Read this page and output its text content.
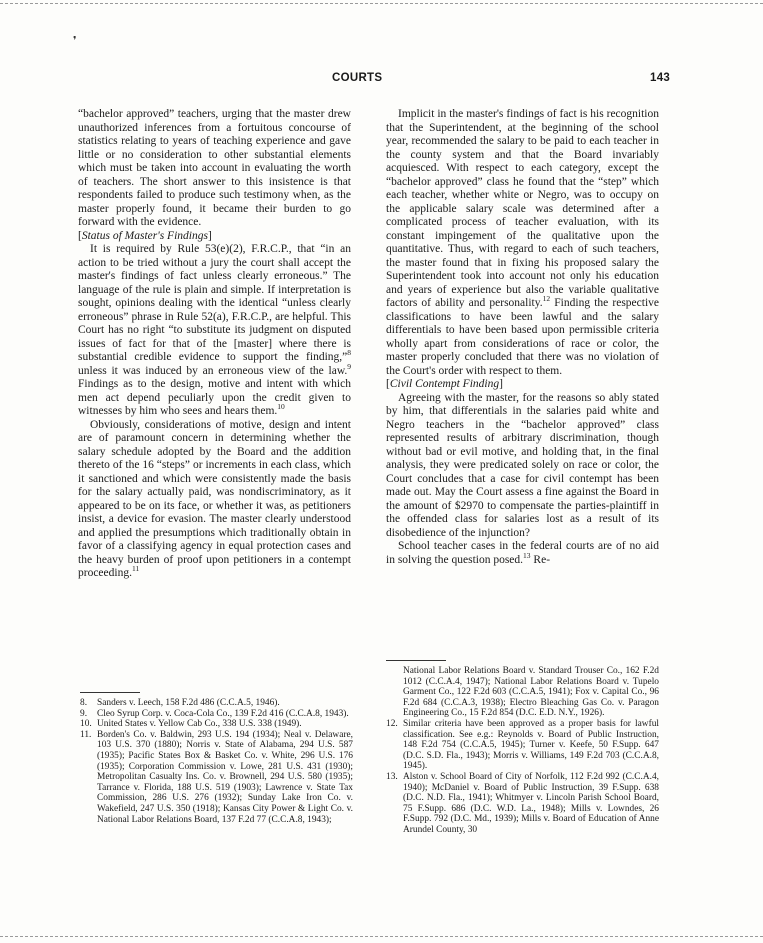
❜
COURTS	143

“bachelor approved” teachers, urging that the master drew unauthorized inferences from a fortuitous concourse of statistics relating to years of teaching experience and gave little or no consideration to other substantial elements which must be taken into account in evaluating the worth of teachers. The short answer to this insistence is that respondents failed to produce such testimony when, as the master properly found, it became their burden to go forward with the evidence.

[Status of Master's Findings]

It is required by Rule 53(e)(2), F.R.C.P., that “in an action to be tried without a jury the court shall accept the master's findings of fact unless clearly erroneous.” The language of the rule is plain and simple. If interpretation is sought, opinions dealing with the identical “unless clearly erroneous” phrase in Rule 52(a), F.R.C.P., are helpful. This Court has no right “to substitute its judgment on disputed issues of fact for that of the [master] where there is substantial credible evidence to support the finding,”$^8$ unless it was induced by an erroneous view of the law.$^9$ Findings as to the design, motive and intent with which men act depend peculiarly upon the credit given to witnesses by him who sees and hears them.$^{10}$

Obviously, considerations of motive, design and intent are of paramount concern in determining whether the salary schedule adopted by the Board and the addition thereto of the 16 “steps” or increments in each class, which it sanctioned and which were consistently made the basis for the salary actually paid, was nondiscriminatory, as it appeared to be on its face, or whether it was, as petitioners insist, a device for evasion. The master clearly understood and applied the presumptions which traditionally obtain in favor of a classifying agency in equal protection cases and the heavy burden of proof upon petitioners in a contempt proceeding.$^{11}$

8.	Sanders v. Leech, 158 F.2d 486 (C.C.A.5, 1946).
9.	Cleo Syrup Corp. v. Coca-Cola Co., 139 F.2d 416 (C.C.A.8, 1943).
10. United States v. Yellow Cab Co., 338 U.S. 338 (1949).
11. Borden's Co. v. Baldwin, 293 U.S. 194 (1934); Neal v. Delaware, 103 U.S. 370 (1880); Norris v. State of Alabama, 294 U.S. 587 (1935); Pacific States Box & Basket Co. v. White, 296 U.S. 176 (1935); Corporation Commission v. Lowe, 281 U.S. 431 (1930); Metropolitan Casualty Ins. Co. v. Brownell, 294 U.S. 580 (1935); Tarrance v. Florida, 188 U.S. 519 (1903); Lawrence v. State Tax Commission, 286 U.S. 276 (1932); Sunday Lake Iron Co. v. Wakefield, 247 U.S. 350 (1918); Kansas City Power & Light Co. v. National Labor Relations Board, 137 F.2d 77 (C.C.A.8, 1943);

Implicit in the master's findings of fact is his recognition that the Superintendent, at the beginning of the school year, recommended the salary to be paid to each teacher in the county system and that the Board invariably acquiesced. With respect to each category, except the “bachelor approved” class he found that the “step” which each teacher, whether white or Negro, was to occupy on the applicable salary scale was determined after a complicated process of teacher evaluation, with its constant impingement of the qualitative upon the quantitative. Thus, with regard to each of such teachers, the master found that in fixing his proposed salary the Superintendent took into account not only his education and years of experience but also the variable qualitative factors of ability and personality.$^{12}$ Finding the respective classifications to have been lawful and the salary differentials to have been based upon permissible criteria wholly apart from considerations of race or color, the master properly concluded that there was no violation of the Court's order with respect to them.

[Civil Contempt Finding]

Agreeing with the master, for the reasons so ably stated by him, that differentials in the salaries paid white and Negro teachers in the “bachelor approved” class represented results of arbitrary discrimination, though without bad or evil motive, and holding that, in the final analysis, they were predicated solely on race or color, the Court concludes that a case for civil contempt has been made out. May the Court assess a fine against the Board in the amount of $2970 to compensate the parties-plaintiff in the offended class for salaries lost as a result of its disobedience of the injunction?

School teacher cases in the federal courts are of no aid in solving the question posed.$^{13}$ Re-

National Labor Relations Board v. Standard Trouser Co., 162 F.2d 1012 (C.C.A.4, 1947); National Labor Relations Board v. Tupelo Garment Co., 122 F.2d 603 (C.C.A.5, 1941); Fox v. Capital Co., 96 F.2d 684 (C.C.A.3, 1938); Electro Bleaching Gas Co. v. Paragon Engineering Co., 15 F.2d 854 (D.C. E.D. N.Y., 1926).
12. Similar criteria have been approved as a proper basis for lawful classification. See e.g.: Reynolds v. Board of Public Instruction, 148 F.2d 754 (C.C.A.5, 1945); Turner v. Keefe, 50 F.Supp. 647 (D.C. S.D. Fla., 1943); Morris v. Williams, 149 F.2d 703 (C.C.A.8, 1945).
13. Alston v. School Board of City of Norfolk, 112 F.2d 992 (C.C.A.4, 1940); McDaniel v. Board of Public Instruction, 39 F.Supp. 638 (D.C. N.D. Fla., 1941); Whitmyer v. Lincoln Parish School Board, 75 F.Supp. 686 (D.C. W.D. La., 1948); Mills v. Lowndes, 26 F.Supp. 792 (D.C. Md., 1939); Mills v. Board of Education of Anne Arundel County, 30
